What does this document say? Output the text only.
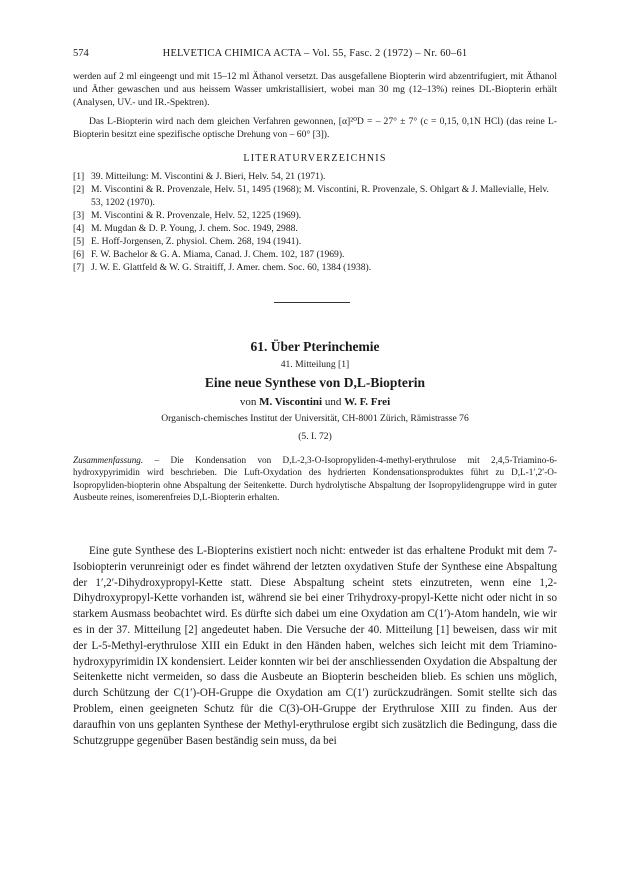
574	HELVETICA CHIMICA ACTA – Vol. 55, Fasc. 2 (1972) – Nr. 60–61

werden auf 2 ml eingeengt und mit 15–12 ml Äthanol versetzt. Das ausgefallene Biopterin wird abzentrifugiert, mit Äthanol und Äther gewaschen und aus heissem Wasser umkristallisiert, wobei man 30 mg (12–13%) reines DL-Biopterin erhält (Analysen, UV.- und IR.-Spektren).

Das L-Biopterin wird nach dem gleichen Verfahren gewonnen, [α]²⁰D = – 27° ± 7° (c = 0,15, 0,1N HCl) (das reine L-Biopterin besitzt eine spezifische optische Drehung von – 60° [3]).

LITERATURVERZEICHNIS
[1] 39. Mitteilung: M. Viscontini & J. Bieri, Helv. 54, 21 (1971).
[2] M. Viscontini & R. Provenzale, Helv. 51, 1495 (1968); M. Viscontini, R. Provenzale, S. Ohlgart & J. Mallevialle, Helv. 53, 1202 (1970).
[3] M. Viscontini & R. Provenzale, Helv. 52, 1225 (1969).
[4] M. Mugdan & D. P. Young, J. chem. Soc. 1949, 2988.
[5] E. Hoff-Jorgensen, Z. physiol. Chem. 268, 194 (1941).
[6] F. W. Bachelor & G. A. Miama, Canad. J. Chem. 102, 187 (1969).
[7] J. W. E. Glattfeld & W. G. Straitiff, J. Amer. chem. Soc. 60, 1384 (1938).
61. Über Pterinchemie
41. Mitteilung [1]
Eine neue Synthese von D,L-Biopterin
von M. Viscontini und W. F. Frei
Organisch-chemisches Institut der Universität, CH-8001 Zürich, Rämistrasse 76
(5. I. 72)

Zusammenfassung. – Die Kondensation von D,L-2,3-O-Isopropyliden-4-methyl-erythrulose mit 2,4,5-Triamino-6-hydroxypyrimidin wird beschrieben. Die Luft-Oxydation des hydrierten Kondensationsproduktes führt zu D,L-1′,2′-O-Isopropyliden-biopterin ohne Abspaltung der Seitenkette. Durch hydrolytische Abspaltung der Isopropylidengruppe wird in guter Ausbeute reines, isomerenfreies D,L-Biopterin erhalten.

Eine gute Synthese des L-Biopterins existiert noch nicht: entweder ist das erhaltene Produkt mit dem 7-Isobiopterin verunreinigt oder es findet während der letzten oxydativen Stufe der Synthese eine Abspaltung der 1′,2′-Dihydroxypropyl-Kette statt. Diese Abspaltung scheint stets einzutreten, wenn eine 1,2-Dihydroxypropyl-Kette vorhanden ist, während sie bei einer Trihydroxy-propyl-Kette nicht oder nicht in so starkem Ausmass beobachtet wird. Es dürfte sich dabei um eine Oxydation am C(1′)-Atom handeln, wie wir es in der 37. Mitteilung [2] angedeutet haben. Die Versuche der 40. Mitteilung [1] beweisen, dass wir mit der L-5-Methyl-erythrulose XIII ein Edukt in den Händen haben, welches sich leicht mit dem Triamino-hydroxypyrimidin IX kondensiert. Leider konnten wir bei der anschliessenden Oxydation die Abspaltung der Seitenkette nicht vermeiden, so dass die Ausbeute an Biopterin bescheiden blieb. Es schien uns möglich, durch Schützung der C(1′)-OH-Gruppe die Oxydation am C(1′) zurückzudrängen. Somit stellte sich das Problem, einen geeigneten Schutz für die C(3)-OH-Gruppe der Erythrulose XIII zu finden. Aus der daraufhin von uns geplanten Synthese der Methyl-erythrulose ergibt sich zusätzlich die Bedingung, dass die Schutzgruppe gegenüber Basen beständig sein muss, da bei
